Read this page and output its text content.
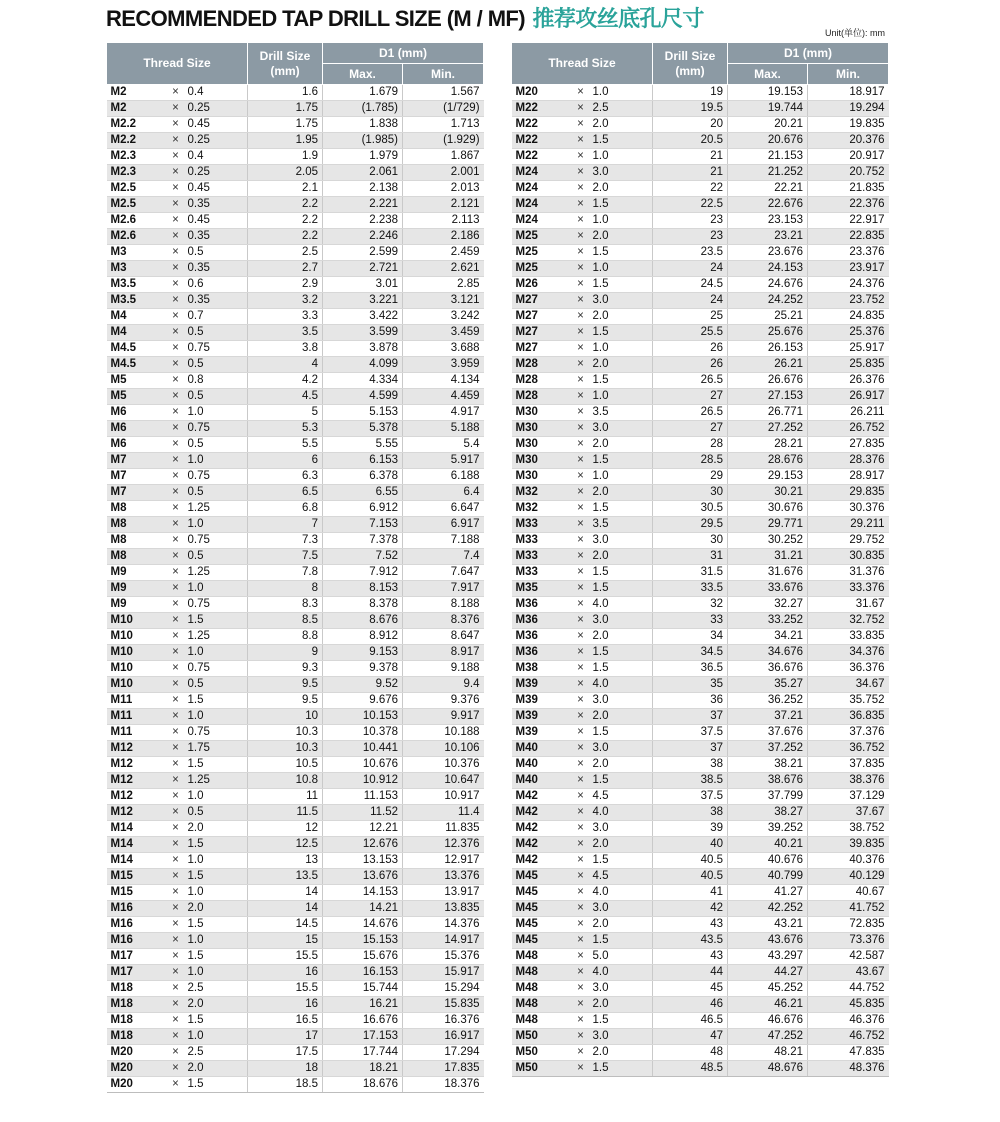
RECOMMENDED TAP DRILL SIZE (M / MF) 推荐攻丝底孔尺寸
Unit(单位): mm
Thread Size			Drill Size (mm)	D1 (mm)	
				Max.	Min.
M2	×	0.4	1.6	1.679	1.567
M2	×	0.25	1.75	(1.785)	(1/729)
M2.2	×	0.45	1.75	1.838	1.713
M2.2	×	0.25	1.95	(1.985)	(1.929)
M2.3	×	0.4	1.9	1.979	1.867
M2.3	×	0.25	2.05	2.061	2.001
M2.5	×	0.45	2.1	2.138	2.013
M2.5	×	0.35	2.2	2.221	2.121
M2.6	×	0.45	2.2	2.238	2.113
M2.6	×	0.35	2.2	2.246	2.186
M3	×	0.5	2.5	2.599	2.459
M3	×	0.35	2.7	2.721	2.621
M3.5	×	0.6	2.9	3.01	2.85
M3.5	×	0.35	3.2	3.221	3.121
M4	×	0.7	3.3	3.422	3.242
M4	×	0.5	3.5	3.599	3.459
M4.5	×	0.75	3.8	3.878	3.688
M4.5	×	0.5	4	4.099	3.959
M5	×	0.8	4.2	4.334	4.134
M5	×	0.5	4.5	4.599	4.459
M6	×	1.0	5	5.153	4.917
M6	×	0.75	5.3	5.378	5.188
M6	×	0.5	5.5	5.55	5.4
M7	×	1.0	6	6.153	5.917
M7	×	0.75	6.3	6.378	6.188
M7	×	0.5	6.5	6.55	6.4
M8	×	1.25	6.8	6.912	6.647
M8	×	1.0	7	7.153	6.917
M8	×	0.75	7.3	7.378	7.188
M8	×	0.5	7.5	7.52	7.4
M9	×	1.25	7.8	7.912	7.647
M9	×	1.0	8	8.153	7.917
M9	×	0.75	8.3	8.378	8.188
M10	×	1.5	8.5	8.676	8.376
M10	×	1.25	8.8	8.912	8.647
M10	×	1.0	9	9.153	8.917
M10	×	0.75	9.3	9.378	9.188
M10	×	0.5	9.5	9.52	9.4
M11	×	1.5	9.5	9.676	9.376
M11	×	1.0	10	10.153	9.917
M11	×	0.75	10.3	10.378	10.188
M12	×	1.75	10.3	10.441	10.106
M12	×	1.5	10.5	10.676	10.376
M12	×	1.25	10.8	10.912	10.647
M12	×	1.0	11	11.153	10.917
M12	×	0.5	11.5	11.52	11.4
M14	×	2.0	12	12.21	11.835
M14	×	1.5	12.5	12.676	12.376
M14	×	1.0	13	13.153	12.917
M15	×	1.5	13.5	13.676	13.376
M15	×	1.0	14	14.153	13.917
M16	×	2.0	14	14.21	13.835
M16	×	1.5	14.5	14.676	14.376
M16	×	1.0	15	15.153	14.917
M17	×	1.5	15.5	15.676	15.376
M17	×	1.0	16	16.153	15.917
M18	×	2.5	15.5	15.744	15.294
M18	×	2.0	16	16.21	15.835
M18	×	1.5	16.5	16.676	16.376
M18	×	1.0	17	17.153	16.917
M20	×	2.5	17.5	17.744	17.294
M20	×	2.0	18	18.21	17.835
M20	×	1.5	18.5	18.676	18.376
Thread Size			Drill Size (mm)	D1 (mm)	
				Max.	Min.
M20	×	1.0	19	19.153	18.917
M22	×	2.5	19.5	19.744	19.294
M22	×	2.0	20	20.21	19.835
M22	×	1.5	20.5	20.676	20.376
M22	×	1.0	21	21.153	20.917
M24	×	3.0	21	21.252	20.752
M24	×	2.0	22	22.21	21.835
M24	×	1.5	22.5	22.676	22.376
M24	×	1.0	23	23.153	22.917
M25	×	2.0	23	23.21	22.835
M25	×	1.5	23.5	23.676	23.376
M25	×	1.0	24	24.153	23.917
M26	×	1.5	24.5	24.676	24.376
M27	×	3.0	24	24.252	23.752
M27	×	2.0	25	25.21	24.835
M27	×	1.5	25.5	25.676	25.376
M27	×	1.0	26	26.153	25.917
M28	×	2.0	26	26.21	25.835
M28	×	1.5	26.5	26.676	26.376
M28	×	1.0	27	27.153	26.917
M30	×	3.5	26.5	26.771	26.211
M30	×	3.0	27	27.252	26.752
M30	×	2.0	28	28.21	27.835
M30	×	1.5	28.5	28.676	28.376
M30	×	1.0	29	29.153	28.917
M32	×	2.0	30	30.21	29.835
M32	×	1.5	30.5	30.676	30.376
M33	×	3.5	29.5	29.771	29.211
M33	×	3.0	30	30.252	29.752
M33	×	2.0	31	31.21	30.835
M33	×	1.5	31.5	31.676	31.376
M35	×	1.5	33.5	33.676	33.376
M36	×	4.0	32	32.27	31.67
M36	×	3.0	33	33.252	32.752
M36	×	2.0	34	34.21	33.835
M36	×	1.5	34.5	34.676	34.376
M38	×	1.5	36.5	36.676	36.376
M39	×	4.0	35	35.27	34.67
M39	×	3.0	36	36.252	35.752
M39	×	2.0	37	37.21	36.835
M39	×	1.5	37.5	37.676	37.376
M40	×	3.0	37	37.252	36.752
M40	×	2.0	38	38.21	37.835
M40	×	1.5	38.5	38.676	38.376
M42	×	4.5	37.5	37.799	37.129
M42	×	4.0	38	38.27	37.67
M42	×	3.0	39	39.252	38.752
M42	×	2.0	40	40.21	39.835
M42	×	1.5	40.5	40.676	40.376
M45	×	4.5	40.5	40.799	40.129
M45	×	4.0	41	41.27	40.67
M45	×	3.0	42	42.252	41.752
M45	×	2.0	43	43.21	72.835
M45	×	1.5	43.5	43.676	73.376
M48	×	5.0	43	43.297	42.587
M48	×	4.0	44	44.27	43.67
M48	×	3.0	45	45.252	44.752
M48	×	2.0	46	46.21	45.835
M48	×	1.5	46.5	46.676	46.376
M50	×	3.0	47	47.252	46.752
M50	×	2.0	48	48.21	47.835
M50	×	1.5	48.5	48.676	48.376
